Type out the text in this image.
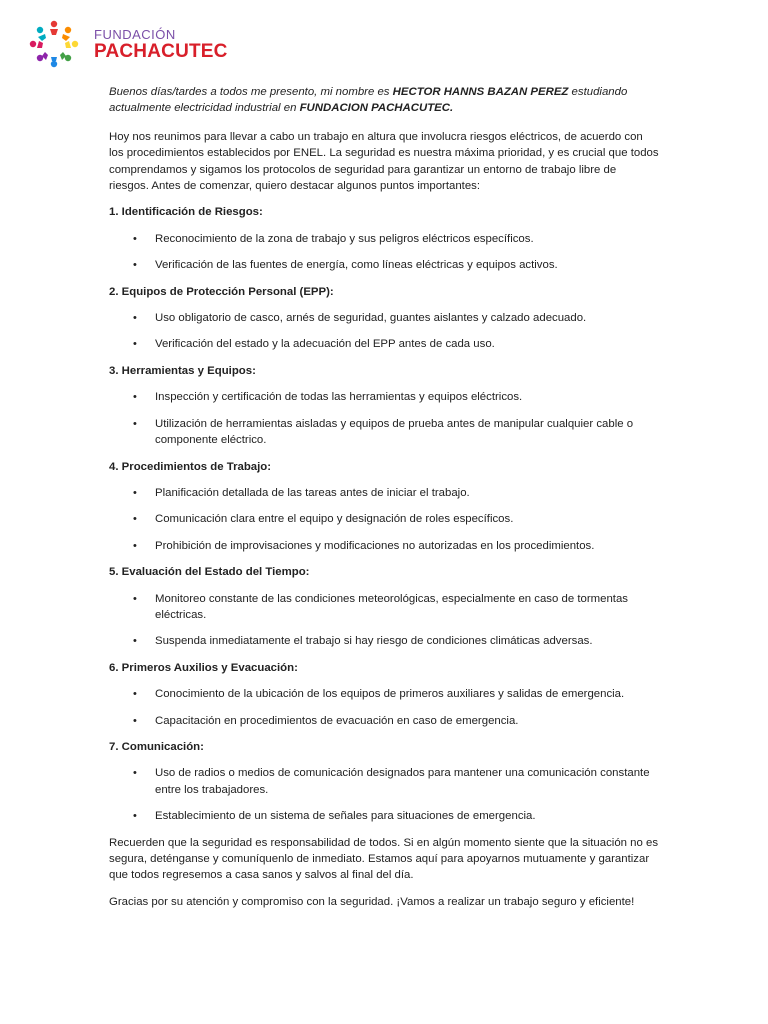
FUNDACIÓN
PACHACUTEC

Buenos días/tardes a todos me presento, mi nombre es HECTOR HANNS BAZAN PEREZ estudiando actualmente electricidad industrial en FUNDACION PACHACUTEC.

Hoy nos reunimos para llevar a cabo un trabajo en altura que involucra riesgos eléctricos, de acuerdo con los procedimientos establecidos por ENEL. La seguridad es nuestra máxima prioridad, y es crucial que todos comprendamos y sigamos los protocolos de seguridad para garantizar un entorno de trabajo libre de riesgos. Antes de comenzar, quiero destacar algunos puntos importantes:

1. Identificación de Riesgos:
• Reconocimiento de la zona de trabajo y sus peligros eléctricos específicos.
• Verificación de las fuentes de energía, como líneas eléctricas y equipos activos.
2. Equipos de Protección Personal (EPP):
• Uso obligatorio de casco, arnés de seguridad, guantes aislantes y calzado adecuado.
• Verificación del estado y la adecuación del EPP antes de cada uso.
3. Herramientas y Equipos:
• Inspección y certificación de todas las herramientas y equipos eléctricos.
• Utilización de herramientas aisladas y equipos de prueba antes de manipular cualquier cable o componente eléctrico.
4. Procedimientos de Trabajo:
• Planificación detallada de las tareas antes de iniciar el trabajo.
• Comunicación clara entre el equipo y designación de roles específicos.
• Prohibición de improvisaciones y modificaciones no autorizadas en los procedimientos.
5. Evaluación del Estado del Tiempo:
• Monitoreo constante de las condiciones meteorológicas, especialmente en caso de tormentas eléctricas.
• Suspenda inmediatamente el trabajo si hay riesgo de condiciones climáticas adversas.
6. Primeros Auxilios y Evacuación:
• Conocimiento de la ubicación de los equipos de primeros auxiliares y salidas de emergencia.
• Capacitación en procedimientos de evacuación en caso de emergencia.
7. Comunicación:
• Uso de radios o medios de comunicación designados para mantener una comunicación constante entre los trabajadores.
• Establecimiento de un sistema de señales para situaciones de emergencia.

Recuerden que la seguridad es responsabilidad de todos. Si en algún momento siente que la situación no es segura, deténganse y comuníquenlo de inmediato. Estamos aquí para apoyarnos mutuamente y garantizar que todos regresemos a casa sanos y salvos al final del día.

Gracias por su atención y compromiso con la seguridad. ¡Vamos a realizar un trabajo seguro y eficiente!
